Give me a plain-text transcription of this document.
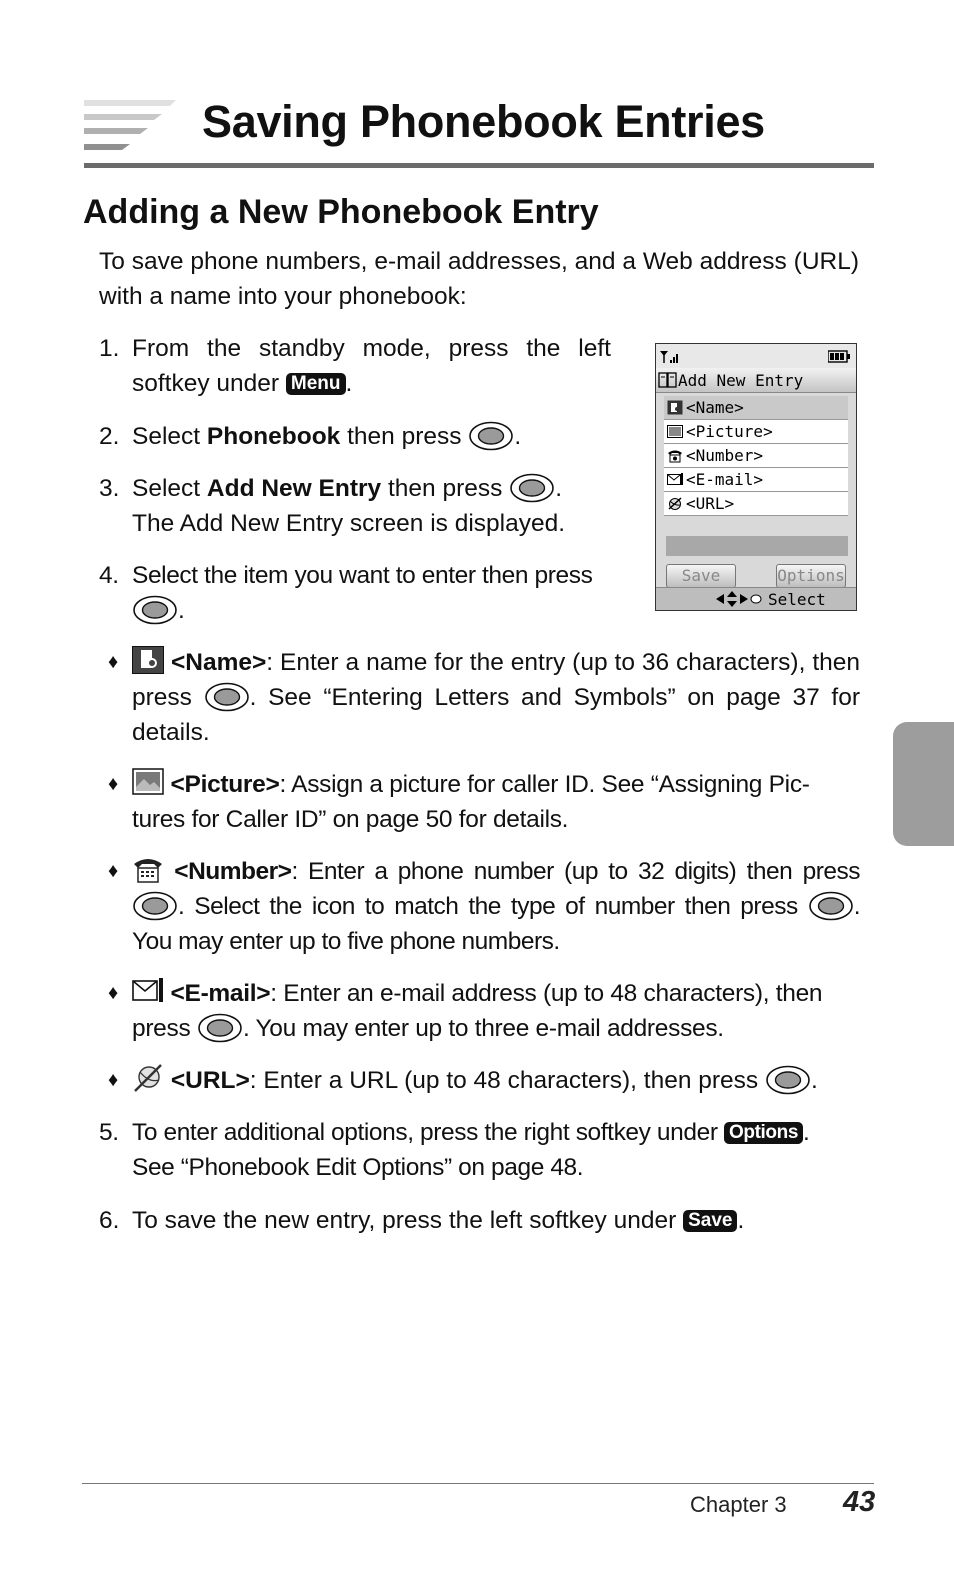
Saving Phonebook Entries
Adding a New Phonebook Entry

To save phone numbers, e-mail addresses, and a Web address (URL) with a name into your phonebook:

1. From the standby mode, press the left softkey under Menu .
2. Select Phonebook then press .
3. Select Add New Entry then press .
The Add New Entry screen is displayed.
4. Select the item you want to enter then press
.
Add New Entry
<Name>
<Picture>
<Number>
<E-mail>
<URL>
Save	Options
Select
♦	<Name>: Enter a name for the entry (up to 36 characters), then press . See “Entering Letters and Symbols” on page 37 for details.
♦	<Picture>: Assign a picture for caller ID. See “Assigning Pic-tures for Caller ID” on page 50 for details.
♦	<Number>: Enter a phone number (up to 32 digits) then press . Select the icon to match the type of number then press . You may enter up to five phone numbers.
♦	<E-mail>: Enter an e-mail address (up to 48 characters), then press . You may enter up to three e-mail addresses.
♦	<URL>: Enter a URL (up to 48 characters), then press .
5. To enter additional options, press the right softkey under Options .
See “Phonebook Edit Options” on page 48.
6. To save the new entry, press the left softkey under Save .
Chapter 3 43
